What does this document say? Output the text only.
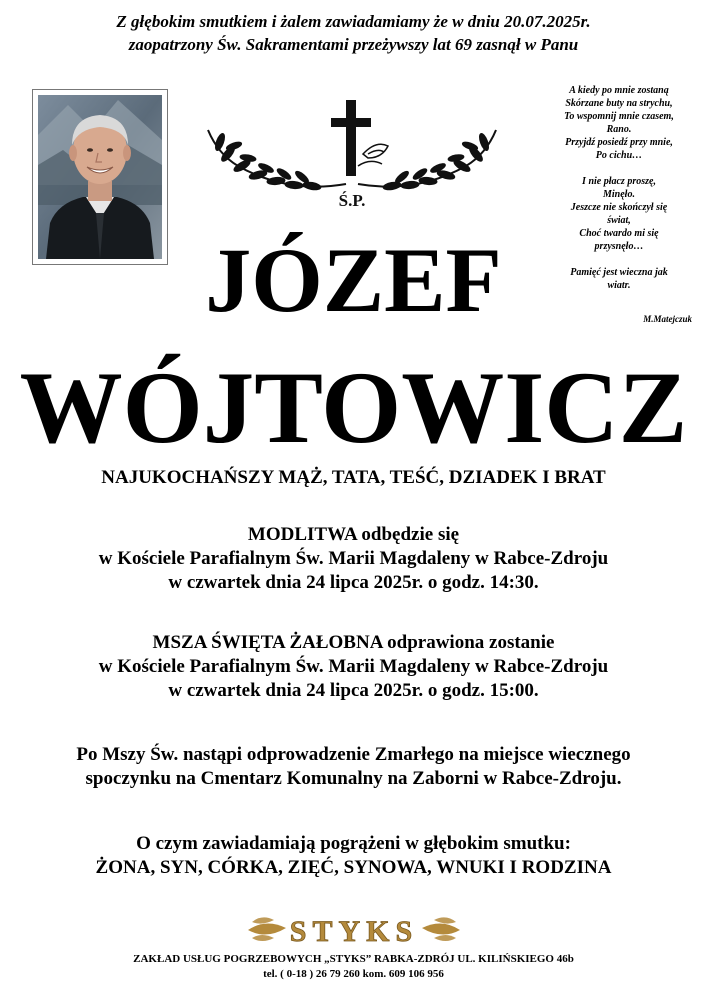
Z głębokim smutkiem i żalem zawiadamiamy że w dniu 20.07.2025r.
zaopatrzony Św. Sakramentami przeżywszy lat 69 zasnął w Panu
Ś.P.
A kiedy po mnie zostaną
Skórzane buty na strychu,
To wspomnij mnie czasem,
Rano.
Przyjdź posiedź przy mnie,
Po cichu…
I nie płacz proszę,
Minęło.
Jeszcze nie skończył się
świat,
Choć twardo mi się
przysnęło…
Pamięć jest wieczna jak
wiatr.
M.Matejczuk
JÓZEF
WÓJTOWICZ
NAJUKOCHAŃSZY MĄŻ, TATA, TEŚĆ, DZIADEK I BRAT
MODLITWA odbędzie się
w Kościele Parafialnym Św. Marii Magdaleny w Rabce-Zdroju
w czwartek dnia 24 lipca 2025r. o godz. 14:30.
MSZA ŚWIĘTA ŻAŁOBNA odprawiona zostanie
w Kościele Parafialnym Św. Marii Magdaleny w Rabce-Zdroju
w czwartek dnia 24 lipca 2025r. o godz. 15:00.
Po Mszy Św. nastąpi odprowadzenie Zmarłego na miejsce wiecznego
spoczynku na Cmentarz Komunalny na Zaborni w Rabce-Zdroju.
O czym zawiadamiają pogrążeni w głębokim smutku:
ŻONA, SYN, CÓRKA, ZIĘĆ, SYNOWA, WNUKI I RODZINA
STYKS
ZAKŁAD USŁUG POGRZEBOWYCH „STYKS” RABKA-ZDRÓJ UL. KILIŃSKIEGO 46b
tel. ( 0-18 ) 26 79 260 kom. 609 106 956
